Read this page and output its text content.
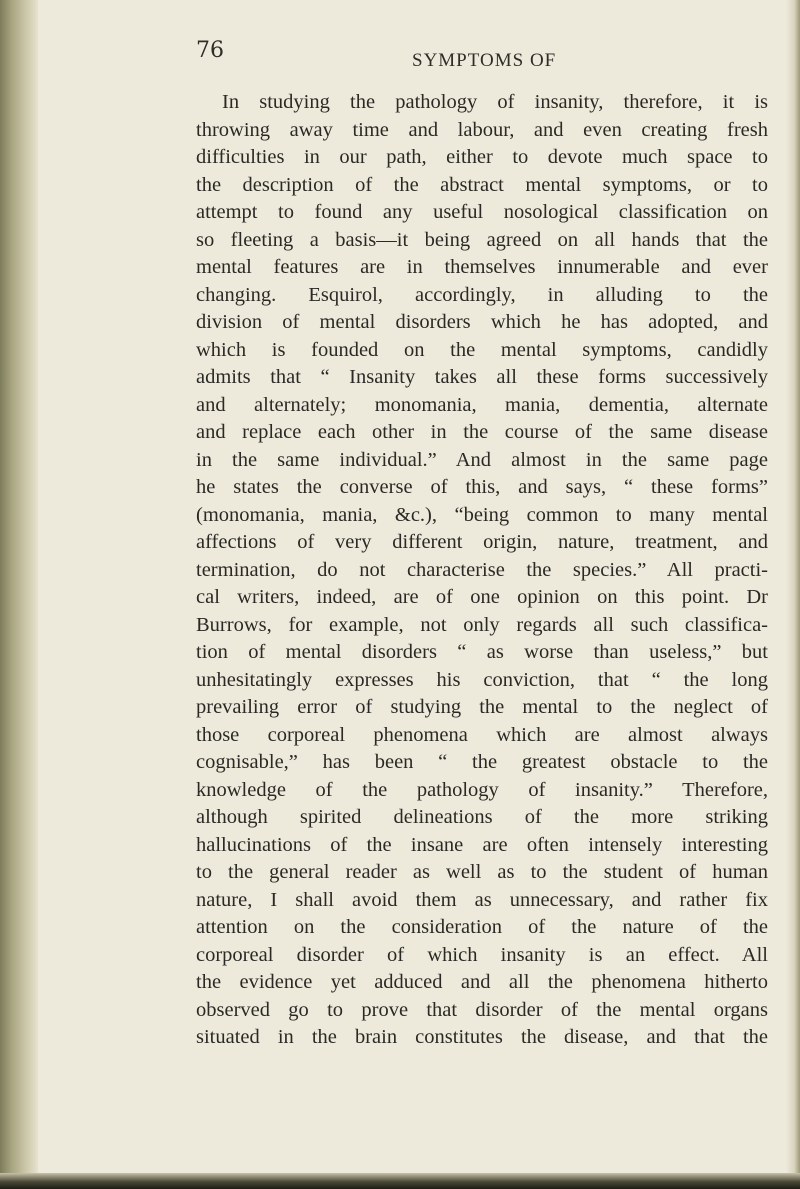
76	SYMPTOMS OF

In studying the pathology of insanity, therefore, it is
throwing away time and labour, and even creating fresh
difficulties in our path, either to devote much space to
the description of the abstract mental symptoms, or to
attempt to found any useful nosological classification on
so fleeting a basis—it being agreed on all hands that the
mental features are in themselves innumerable and ever
changing. Esquirol, accordingly, in alluding to the
division of mental disorders which he has adopted, and
which is founded on the mental symptoms, candidly
admits that “ Insanity takes all these forms successively
and alternately; monomania, mania, dementia, alternate
and replace each other in the course of the same disease
in the same individual.” And almost in the same page
he states the converse of this, and says, “ these forms”
(monomania, mania, &c.), “being common to many mental
affections of very different origin, nature, treatment, and
termination, do not characterise the species.” All practi-
cal writers, indeed, are of one opinion on this point. Dr
Burrows, for example, not only regards all such classifica-
tion of mental disorders “ as worse than useless,” but
unhesitatingly expresses his conviction, that “ the long
prevailing error of studying the mental to the neglect of
those corporeal phenomena which are almost always
cognisable,” has been “ the greatest obstacle to the
knowledge of the pathology of insanity.” Therefore,
although spirited delineations of the more striking
hallucinations of the insane are often intensely interesting
to the general reader as well as to the student of human
nature, I shall avoid them as unnecessary, and rather fix
attention on the consideration of the nature of the
corporeal disorder of which insanity is an effect. All
the evidence yet adduced and all the phenomena hitherto
observed go to prove that disorder of the mental organs
situated in the brain constitutes the disease, and that the
